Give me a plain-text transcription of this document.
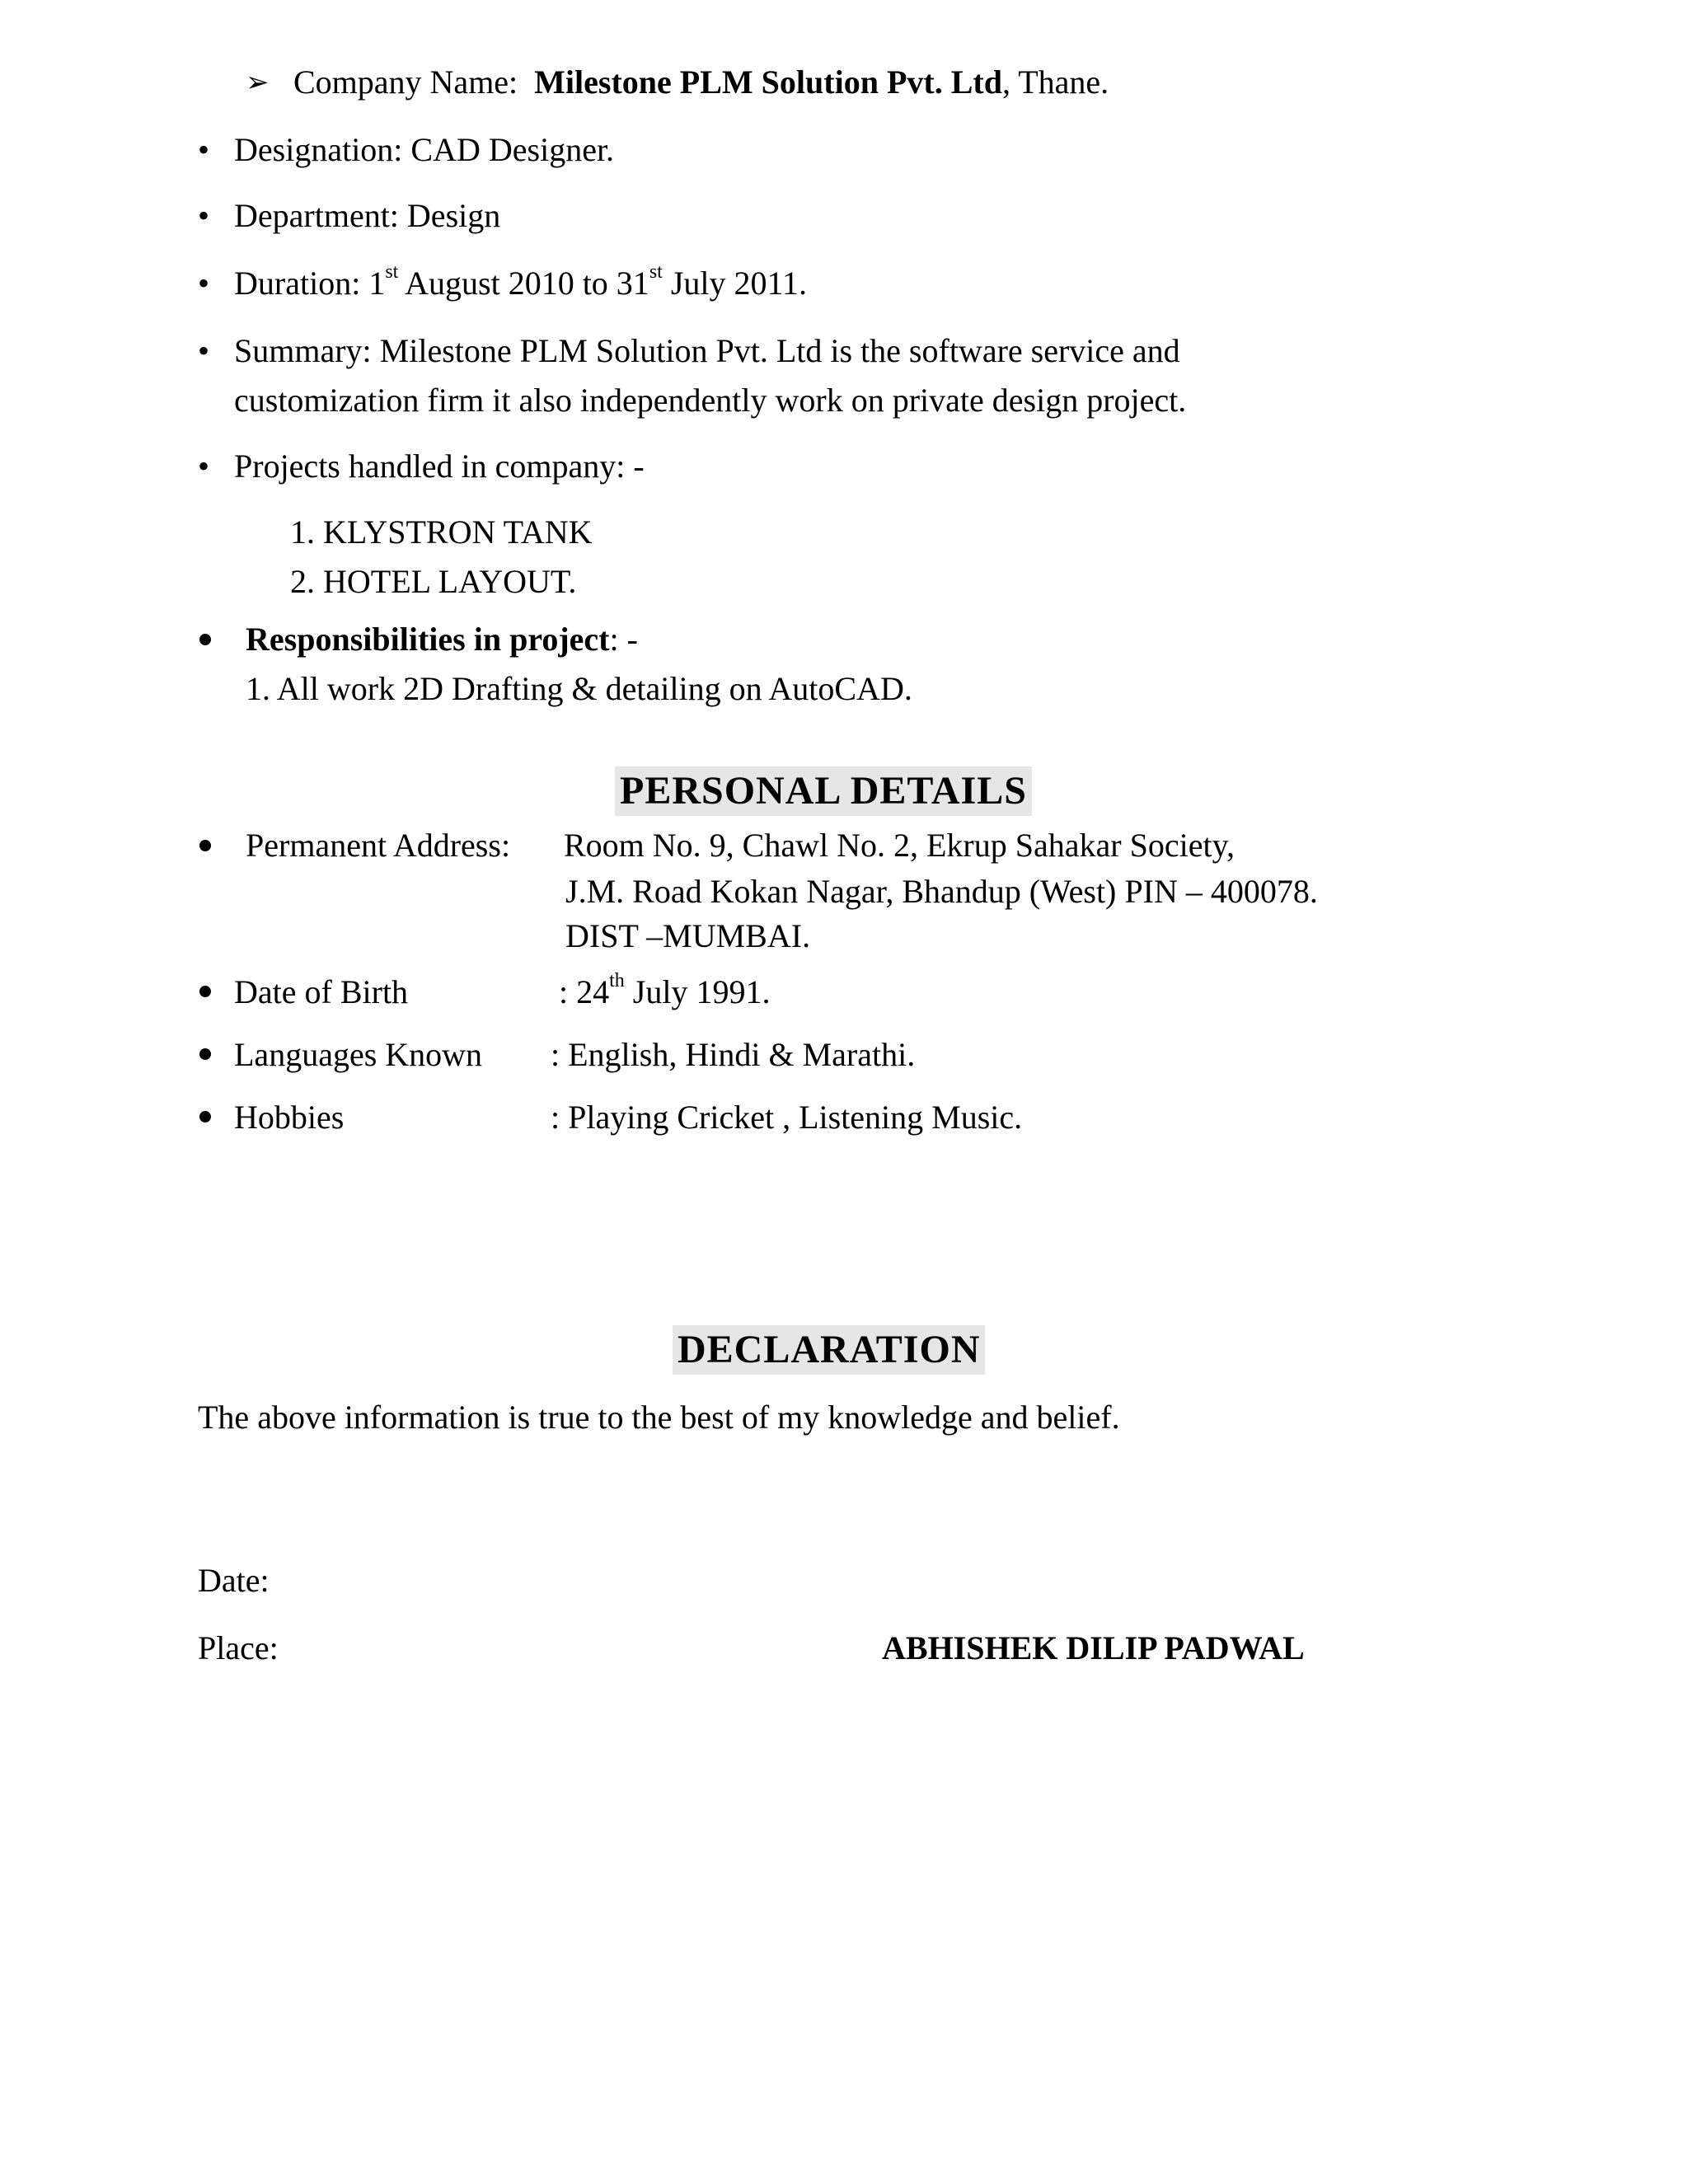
➢ Company Name: Milestone PLM Solution Pvt. Ltd, Thane.
• Designation: CAD Designer.
• Department: Design
• Duration: 1st August 2010 to 31st July 2011.
• Summary: Milestone PLM Solution Pvt. Ltd is the software service and
customization firm it also independently work on private design project.
• Projects handled in company: -
1. KLYSTRON TANK
2. HOTEL LAYOUT.
Responsibilities in project: -
1. All work 2D Drafting & detailing on AutoCAD.
PERSONAL DETAILS
Permanent Address: Room No. 9, Chawl No. 2, Ekrup Sahakar Society,
J.M. Road Kokan Nagar, Bhandup (West) PIN – 400078.
DIST –MUMBAI.
Date of Birth	: 24th July 1991.
Languages Known : English, Hindi & Marathi.
Hobbies	: Playing Cricket , Listening Music.
DECLARATION
The above information is true to the best of my knowledge and belief.
Date:
Place:	ABHISHEK DILIP PADWAL
